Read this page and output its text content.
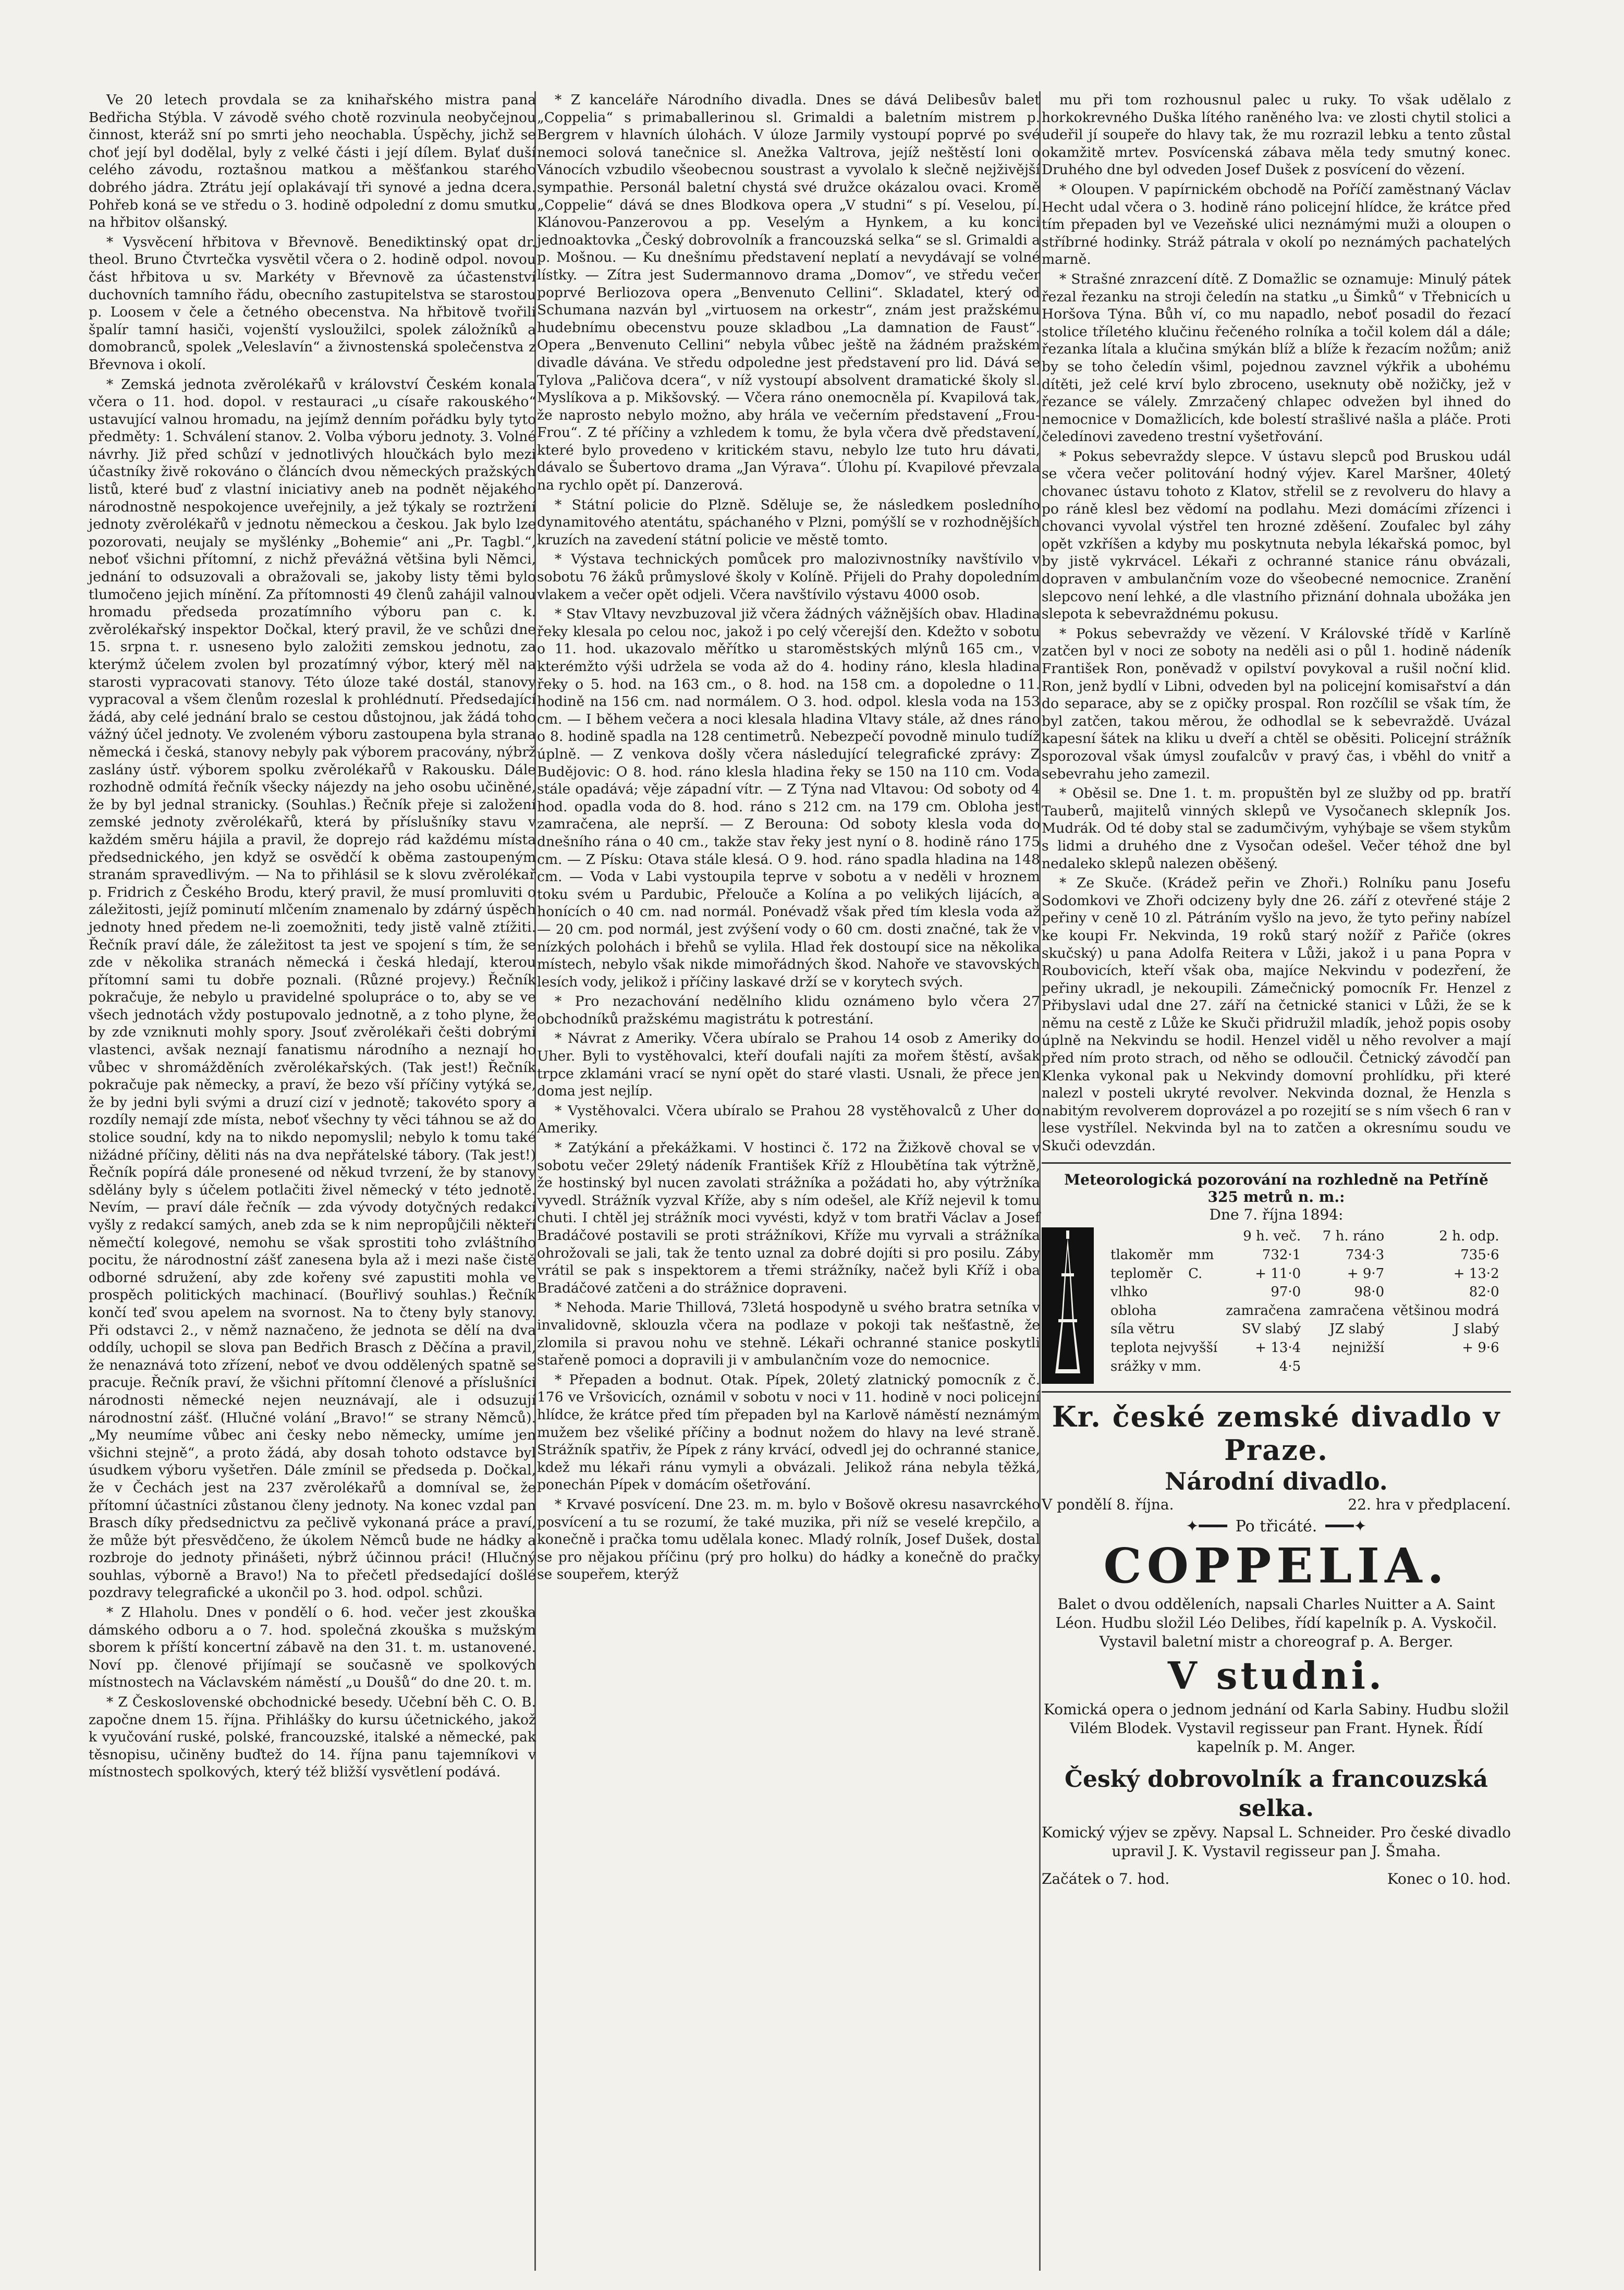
Ve 20 letech provdala se za knihařského mistra pana Bedřicha Stýbla. V závodě svého chotě rozvinula neobyčejnou činnost, kteráž sní po smrti jeho neochabla. Úspěchy, jichž se choť její byl dodělal, byly z velké části i její dílem. Bylať duší celého závodu, roztašnou matkou a měšťankou starého dobrého jádra. Ztrátu její oplakávají tři synové a jedna dcera. Pohřeb koná se ve středu o 3. hodině odpolední z domu smutku na hřbitov olšanský.

* Vysvěcení hřbitova v Břevnově. Benediktinský opat dr. theol. Bruno Čtvrtečka vysvětil včera o 2. hodině odpol. novou část hřbitova u sv. Markéty v Břevnově za účastenství duchovních tamního řádu, obecního zastupitelstva se starostou p. Loosem v čele a četného obecenstva. Na hřbitově tvořili špalír tamní hasiči, vojenští vysloužilci, spolek záložníků a domobranců, spolek „Veleslavín“ a živnostenská společenstva z Břevnova i okolí.

* Zemská jednota zvěrolékařů v království Českém konala včera o 11. hod. dopol. v restauraci „u císaře rakouského“ ustavující valnou hromadu, na jejímž denním pořádku byly tyto předměty: 1. Schválení stanov. 2. Volba výboru jednoty. 3. Volné návrhy. Již před schůzí v jednotlivých hloučkách bylo mezi účastníky živě rokováno o článcích dvou německých pražských listů, které buď z vlastní iniciativy aneb na podnět nějakého národnostně nespokojence uveřejnily, a jež týkaly se roztržení jednoty zvěrolékařů v jednotu německou a českou. Jak bylo lze pozorovati, neujaly se myšlénky „Bohemie“ ani „Pr. Tagbl.“, neboť všichni přítomní, z nichž převážná většina byli Němci, jednání to odsuzovali a obražovali se, jakoby listy těmi bylo tlumočeno jejich mínění. Za přítomnosti 49 členů zahájil valnou hromadu předseda prozatímního výboru pan c. k. zvěrolékařský inspektor Dočkal, který pravil, že ve schůzi dne 15. srpna t. r. usneseno bylo založiti zemskou jednotu, za kterýmž účelem zvolen byl prozatímný výbor, který měl na starosti vypracovati stanovy. Této úloze také dostál, stanovy vypracoval a všem členům rozeslal k prohlédnutí. Předsedající žádá, aby celé jednání bralo se cestou důstojnou, jak žádá toho vážný účel jednoty. Ve zvoleném výboru zastoupena byla strana německá i česká, stanovy nebyly pak výborem pracovány, nýbrž zaslány ústř. výborem spolku zvěrolékařů v Rakousku. Dále rozhodně odmítá řečník všecky nájezdy na jeho osobu učiněné, že by byl jednal stranicky. (Souhlas.) Řečník přeje si založení zemské jednoty zvěrolékařů, která by příslušníky stavu v každém směru hájila a pravil, že doprejo rád každému místa předsednického, jen když se osvědčí k oběma zastoupeným stranám spravedlivým. — Na to přihlásil se k slovu zvěrolékař p. Fridrich z Českého Brodu, který pravil, že musí promluviti o záležitosti, jejíž pominutí mlčením znamenalo by zdárný úspěch jednoty hned předem ne-li zoemožniti, tedy jistě valně ztížiti. Řečník praví dále, že záležitost ta jest ve spojení s tím, že se zde v několika stranách německá i česká hledají, kterou přítomní sami tu dobře poznali. (Různé projevy.) Řečník pokračuje, že nebylo u pravidelné spolupráce o to, aby se ve všech jednotách vždy postupovalo jednotně, a z toho plyne, že by zde vzniknuti mohly spory. Jsouť zvěrolékaři češti dobrými vlastenci, avšak neznají fanatismu národního a neznají ho vůbec v shromážděních zvěrolékařských. (Tak jest!) Řečník pokračuje pak německy, a praví, že bezo vší příčiny vytýká se, že by jedni byli svými a druzí cizí v jednotě; takovéto spory a rozdíly nemají zde místa, neboť všechny ty věci táhnou se až do stolice soudní, kdy na to nikdo nepomyslil; nebylo k tomu také nižádné příčiny, děliti nás na dva nepřátelské tábory. (Tak jest!) Řečník popírá dále pronesené od někud tvrzení, že by stanovy sdělány byly s účelem potlačiti živel německý v této jednotě. Nevím, — praví dále řečník — zda vývody dotyčných redakcí vyšly z redakcí samých, aneb zda se k nim nepropůjčili někteří němečtí kolegové, nemohu se však sprostiti toho zvláštního pocitu, že národnostní zášť zanesena byla až i mezi naše čistě odborné sdružení, aby zde kořeny své zapustiti mohla ve prospěch politických machinací. (Bouřlivý souhlas.) Řečník končí teď svou apelem na svornost. Na to čteny byly stanovy. Při odstavci 2., v němž naznačeno, že jednota se dělí na dva oddíly, uchopil se slova pan Bedřich Brasch z Děčína a pravil, že nenaznává toto zřízení, neboť ve dvou oddělených spatně se pracuje. Řečník praví, že všichni přítomní členové a příslušníci národnosti německé nejen neuznávají, ale i odsuzují národnostní zášť. (Hlučné volání „Bravo!“ se strany Němců). „My neumíme vůbec ani česky nebo německy, umíme jen všichni stejně“, a proto žádá, aby dosah tohoto odstavce byl úsudkem výboru vyšetřen. Dále zmínil se předseda p. Dočkal, že v Čechách jest na 237 zvěrolékařů a domníval se, že přítomní účastníci zůstanou členy jednoty. Na konec vzdal pan Brasch díky předsednictvu za pečlivě vykonaná práce a praví, že může být přesvědčeno, že úkolem Němců bude ne hádky a rozbroje do jednoty přinášeti, nýbrž účinnou práci! (Hlučný souhlas, výborně a Bravo!) Na to přečetl předsedající došlé pozdravy telegrafické a ukončil po 3. hod. odpol. schůzi.

* Z Hlaholu. Dnes v pondělí o 6. hod. večer jest zkouška dámského odboru a o 7. hod. společná zkouška s mužským sborem k příští koncertní zábavě na den 31. t. m. ustanovené. Noví pp. členové přijímají se současně ve spolkových místnostech na Václavském náměstí „u Doušů“ do dne 20. t. m.

* Z Československé obchodnické besedy. Učební běh C. O. B. započne dnem 15. října. Přihlášky do kursu účetnického, jakož k vyučování ruské, polské, francouzské, italské a německé, pak těsnopisu, učiněny buďtež do 14. října panu tajemníkovi v místnostech spolkových, který též bližší vysvětlení podává.

* Z kanceláře Národního divadla. Dnes se dává Delibesův balet „Coppelia“ s primaballerinou sl. Grimaldi a baletním mistrem p. Bergrem v hlavních úlohách. V úloze Jarmily vystoupí poprvé po své nemoci solová tanečnice sl. Anežka Valtrova, jejíž neštěstí loni o Vánocích vzbudilo všeobecnou soustrast a vyvolalo k slečně nejživější sympathie. Personál baletní chystá své družce okázalou ovaci. Kromě „Coppelie“ dává se dnes Blodkova opera „V studni“ s pí. Veselou, pí. Klánovou-Panzerovou a pp. Veselým a Hynkem, a ku konci jednoaktovka „Český dobrovolník a francouzská selka“ se sl. Grimaldi a p. Mošnou. — Ku dnešnímu představení neplatí a nevydávají se volné lístky. — Zítra jest Sudermannovo drama „Domov“, ve středu večer poprvé Berliozova opera „Benvenuto Cellini“. Skladatel, který od Schumana nazván byl „virtuosem na orkestr“, znám jest pražskému hudebnímu obecenstvu pouze skladbou „La damnation de Faust“. Opera „Benvenuto Cellini“ nebyla vůbec ještě na žádném pražském divadle dávána. Ve středu odpoledne jest představení pro lid. Dává se Tylova „Paličova dcera“, v níž vystoupí absolvent dramatické školy sl. Myslíkova a p. Mikšovský. — Včera ráno onemocněla pí. Kvapilová tak, že naprosto nebylo možno, aby hrála ve večerním představení „Frou-Frou“. Z té příčiny a vzhledem k tomu, že byla včera dvě představení, které bylo provedeno v kritickém stavu, nebylo lze tuto hru dávati, dávalo se Šubertovo drama „Jan Výrava“. Úlohu pí. Kvapilové převzala na rychlo opět pí. Danzerová.

* Státní policie do Plzně. Sděluje se, že následkem posledního dynamitového atentátu, spáchaného v Plzni, pomýšlí se v rozhodnějších kruzích na zavedení státní policie ve městě tomto.

* Výstava technických pomůcek pro malozivnostníky navštívilo v sobotu 76 žáků průmyslové školy v Kolíně. Přijeli do Prahy dopoledním vlakem a večer opět odjeli. Včera navštívilo výstavu 4000 osob.

* Stav Vltavy nevzbuzoval již včera žádných vážnějších obav. Hladina řeky klesala po celou noc, jakož i po celý včerejší den. Kdežto v sobotu o 11. hod. ukazovalo měřítko u staroměstských mlýnů 165 cm., v kterémžto výši udržela se voda až do 4. hodiny ráno, klesla hladina řeky o 5. hod. na 163 cm., o 8. hod. na 158 cm. a dopoledne o 11. hodině na 156 cm. nad normálem. O 3. hod. odpol. klesla voda na 153 cm. — I během večera a noci klesala hladina Vltavy stále, až dnes ráno o 8. hodině spadla na 128 centimetrů. Nebezpečí povodně minulo tudíž úplně. — Z venkova došly včera následující telegrafické zprávy: Z Budějovic: O 8. hod. ráno klesla hladina řeky se 150 na 110 cm. Voda stále opadává; věje západní vítr. — Z Týna nad Vltavou: Od soboty od 4 hod. opadla voda do 8. hod. ráno s 212 cm. na 179 cm. Obloha jest zamračena, ale neprší. — Z Berouna: Od soboty klesla voda do dnešního rána o 40 cm., takže stav řeky jest nyní o 8. hodině ráno 175 cm. — Z Písku: Otava stále klesá. O 9. hod. ráno spadla hladina na 148 cm. — Voda v Labi vystoupila teprve v sobotu a v neděli v hroznem toku svém u Pardubic, Přelouče a Kolína a po velikých lijácích, a honících o 40 cm. nad normál. Ponévadž však před tím klesla voda až — 20 cm. pod normál, jest zvýšení vody o 60 cm. dosti značné, tak že v nízkých polohách i břehů se vylila. Hlad řek dostoupí sice na několika místech, nebylo však nikde mimořádných škod. Nahoře ve stavovských lesích vody, jelikož i příčiny laskavé drží se v korytech svých.

* Pro nezachování nedělního klidu oznámeno bylo včera 27 obchodníků pražskému magistrátu k potrestání.

* Návrat z Ameriky. Včera ubíralo se Prahou 14 osob z Ameriky do Uher. Byli to vystěhovalci, kteří doufali najíti za mořem štěstí, avšak trpce zklamáni vrací se nyní opět do staré vlasti. Usnali, že přece jen doma jest nejlíp.

* Vystěhovalci. Včera ubíralo se Prahou 28 vystěhovalců z Uher do Ameriky.

* Zatýkání a překážkami. V hostinci č. 172 na Žižkově choval se v sobotu večer 29letý nádeník František Kříž z Hloubětína tak výtržně, že hostinský byl nucen zavolati strážníka a požádati ho, aby výtržníka vyvedl. Strážník vyzval Kříže, aby s ním odešel, ale Kříž nejevil k tomu chuti. I chtěl jej strážník moci vyvésti, když v tom bratři Václav a Josef Bradáčové postavili se proti strážníkovi, Kříže mu vyrvali a strážníka ohrožovali se jali, tak že tento uznal za dobré dojíti si pro posilu. Záby vrátil se pak s inspektorem a třemi strážníky, načež byli Kříž i oba Bradáčové zatčeni a do strážnice dopraveni.

* Nehoda. Marie Thillová, 73letá hospodyně u svého bratra setníka v invalidovně, sklouzla včera na podlaze v pokoji tak nešťastně, že zlomila si pravou nohu ve stehně. Lékaři ochranné stanice poskytli stařeně pomoci a dopravili ji v ambulančním voze do nemocnice.

* Přepaden a bodnut. Otak. Pípek, 20letý zlatnický pomocník z č. 176 ve Vršovicích, oznámil v sobotu v noci v 11. hodině v noci policejní hlídce, že krátce před tím přepaden byl na Karlově náměstí neznámým mužem bez všeliké příčiny a bodnut nožem do hlavy na levé straně. Strážník spatřiv, že Pípek z rány krvácí, odvedl jej do ochranné stanice, kdež mu lékaři ránu vymyli a obvázali. Jelikož rána nebyla těžká, ponechán Pípek v domácím ošetřování.

* Krvavé posvícení. Dne 23. m. m. bylo v Bošově okresu nasavrckého posvícení a tu se rozumí, že také muzika, při níž se veselé krepčilo, a konečně i pračka tomu udělala konec. Mladý rolník, Josef Dušek, dostal se pro nějakou příčinu (prý pro holku) do hádky a konečně do pračky se soupeřem, kterýž

mu při tom rozhousnul palec u ruky. To však udělalo z horkokrevného Duška lítého raněného lva: ve zlosti chytil stolici a udeřil jí soupeře do hlavy tak, že mu rozrazil lebku a tento zůstal okamžitě mrtev. Posvícenská zábava měla tedy smutný konec. Druhého dne byl odveden Josef Dušek z posvícení do vězení.

* Oloupen. V papírnickém obchodě na Poříčí zaměstnaný Václav Hecht udal včera o 3. hodině ráno policejní hlídce, že krátce před tím přepaden byl ve Vezeňské ulici neznámými muži a oloupen o stříbrné hodinky. Stráž pátrala v okolí po neznámých pachatelých marně.

* Strašné znrazcení dítě. Z Domažlic se oznamuje: Minulý pátek řezal řezanku na stroji čeledín na statku „u Šimků“ v Třebnicích u Horšova Týna. Bůh ví, co mu napadlo, neboť posadil do řezací stolice tříletého klučinu řečeného rolníka a točil kolem dál a dále; řezanka lítala a klučina smýkán blíž a blíže k řezacím nožům; aniž by se toho čeledín všiml, pojednou zavznel výkřik a ubohému dítěti, jež celé krví bylo zbroceno, useknuty obě nožičky, jež v řezance se válely. Zmrzačený chlapec odvežen byl ihned do nemocnice v Domažlicích, kde bolestí strašlivé našla a pláče. Proti čeledínovi zavedeno trestní vyšetřování.

* Pokus sebevraždy slepce. V ústavu slepců pod Bruskou udál se včera večer politování hodný výjev. Karel Maršner, 40letý chovanec ústavu tohoto z Klatov, střelil se z revolveru do hlavy a po ráně klesl bez vědomí na podlahu. Mezi domácími zřízenci i chovanci vyvolal výstřel ten hrozné zděšení. Zoufalec byl záhy opět vzkříšen a kdyby mu poskytnuta nebyla lékařská pomoc, byl by jistě vykrvácel. Lékaři z ochranné stanice ránu obvázali, dopraven v ambulančním voze do všeobecné nemocnice. Zranění slepcovo není lehké, a dle vlastního přiznání dohnala ubožáka jen slepota k sebevraždnému pokusu.

* Pokus sebevraždy ve vězení. V Královské třídě v Karlíně zatčen byl v noci ze soboty na neděli asi o půl 1. hodině nádeník František Ron, poněvadž v opilství povykoval a rušil noční klid. Ron, jenž bydlí v Libni, odveden byl na policejní komisařství a dán do separace, aby se z opičky prospal. Ron rozčílil se však tím, že byl zatčen, takou měrou, že odhodlal se k sebevraždě. Uvázal kapesní šátek na kliku u dveří a chtěl se oběsiti. Policejní strážník sporozoval však úmysl zoufalcův v pravý čas, i vběhl do vnitř a sebevrahu jeho zamezil.

* Oběsil se. Dne 1. t. m. propuštěn byl ze služby od pp. bratří Tauberů, majitelů vinných sklepů ve Vysočanech sklepník Jos. Mudrák. Od té doby stal se zadumčivým, vyhýbaje se všem stykům s lidmi a druhého dne z Vysočan odešel. Večer téhož dne byl nedaleko sklepů nalezen oběšený.

* Ze Skuče. (Krádež peřin ve Zhoři.) Rolníku panu Josefu Sodomkovi ve Zhoři odcizeny byly dne 26. září z otevřené stáje 2 peřiny v ceně 10 zl. Pátráním vyšlo na jevo, že tyto peřiny nabízel ke koupi Fr. Nekvinda, 19 roků starý nožíř z Pařiče (okres skučský) u pana Adolfa Reitera v Lůži, jakož i u pana Popra v Roubovicích, kteří však oba, majíce Nekvindu v podezření, že peřiny ukradl, je nekoupili. Zámečnický pomocník Fr. Henzel z Přibyslavi udal dne 27. září na četnické stanici v Lůži, že se k němu na cestě z Lůže ke Skuči přidružil mladík, jehož popis osoby úplně na Nekvindu se hodil. Henzel viděl u něho revolver a mají před ním proto strach, od něho se odloučil. Četnický závodčí pan Klenka vykonal pak u Nekvindy domovní prohlídku, při které nalezl v posteli ukryté revolver. Nekvinda doznal, že Henzla s nabitým revolverem doprovázel a po rozejití se s ním všech 6 ran v lese vystřílel. Nekvinda byl na to zatčen a okresnímu soudu ve Skuči odevzdán.

Meteorologická pozorování na rozhledně na Petříně
325 metrů n. m.:
Dne 7. října 1894:
		9 h. več.	7 h. ráno	2 h. odp.
tlakoměr	mm	732·1	734·3	735·6
teploměr	C.	+ 11·0	+ 9·7	+ 13·2
vlhko		97·0	98·0	82·0
obloha		zamračena	zamračena	většinou modrá
síla větru		SV slabý	JZ slabý	J slabý
teplota nejvyšší		+ 13·4	nejnižší	+ 9·6
srážky v mm.		4·5		
Kr. české zemské divadlo v Praze.
Národní divadlo.
V pondělí 8. října.	22. hra v předplacení.
✦━━━ Po třicáté. ━━━✦
COPPELIA.
Balet o dvou odděleních, napsali Charles Nuitter a A. Saint Léon. Hudbu složil Léo Delibes, řídí kapelník p. A. Vyskočil. Vystavil baletní mistr a choreograf p. A. Berger.
V studni.
Komická opera o jednom jednání od Karla Sabiny. Hudbu složil Vilém Blodek. Vystavil regisseur pan Frant. Hynek. Řídí kapelník p. M. Anger.
Český dobrovolník a francouzská selka.
Komický výjev se zpěvy. Napsal L. Schneider. Pro české divadlo upravil J. K. Vystavil regisseur pan J. Šmaha.
Začátek o 7. hod.	Konec o 10. hod.
